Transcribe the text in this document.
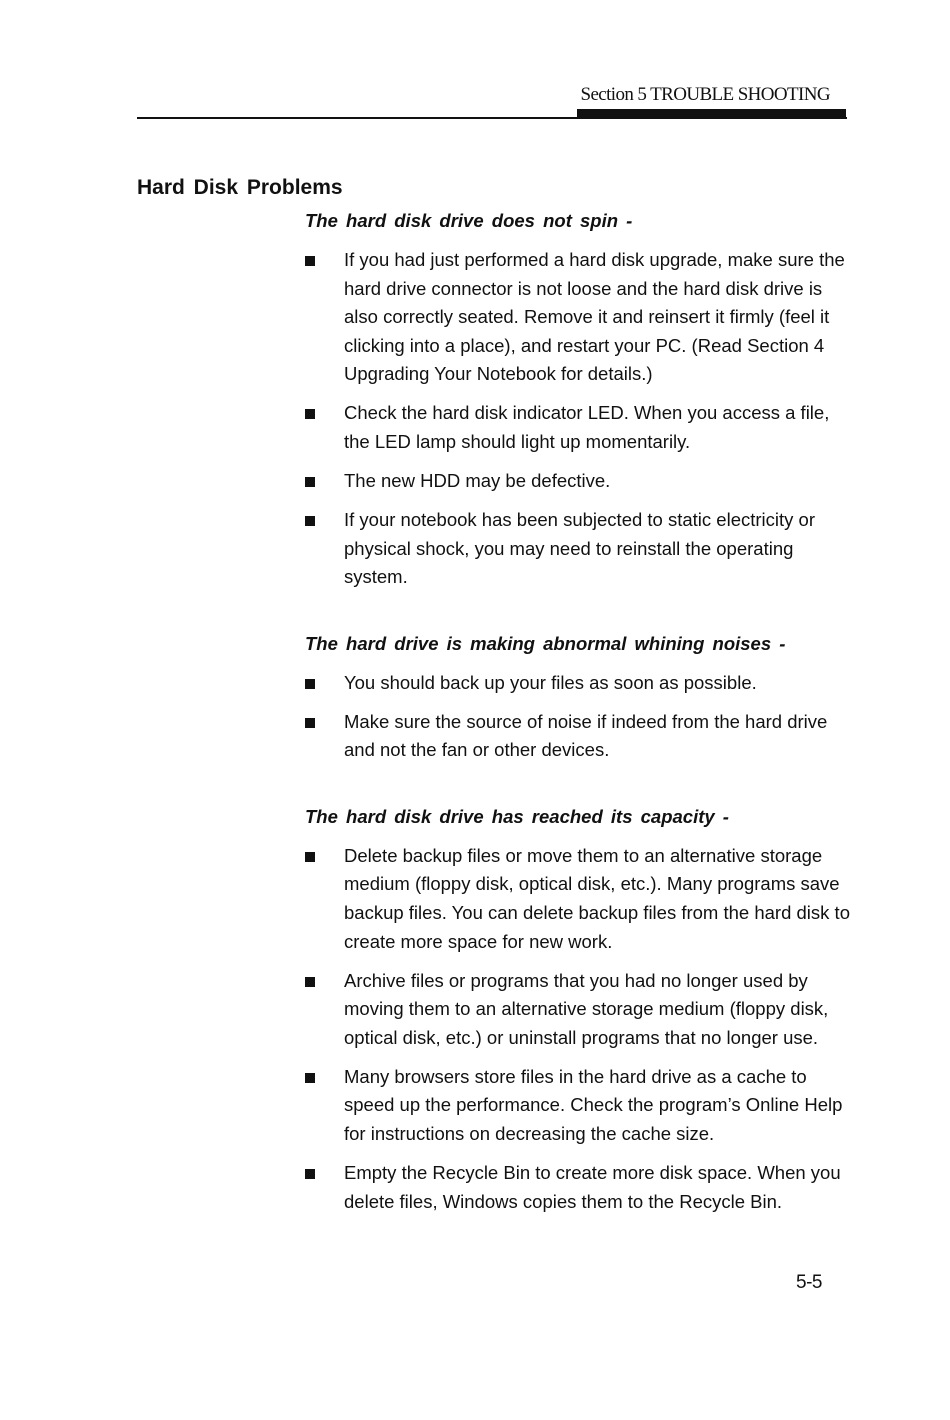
Section 5 TROUBLE SHOOTING
Hard Disk Problems
The hard disk drive does not spin -
If you had just performed a hard disk upgrade, make sure the hard drive connector is not loose and the hard disk drive is also correctly seated. Remove it and reinsert it firmly (feel it clicking into a place), and restart your PC. (Read Section 4 Upgrading Your Notebook for details.)
Check the hard disk indicator LED. When you access a file, the LED lamp should light up momentarily.
The new HDD may be defective.
If your notebook has been subjected to static electricity or physical shock, you may need to reinstall the operating system.
The hard drive is making abnormal whining noises -
You should back up your files as soon as possible.
Make sure the source of noise if indeed from the hard drive and not the fan or other devices.
The hard disk drive has reached its capacity -
Delete backup files or move them to an alternative storage medium (floppy disk, optical disk, etc.). Many programs save backup files. You can delete backup files from the hard disk to create more space for new work.
Archive files or programs that you had no longer used by moving them to an alternative storage medium (floppy disk, optical disk, etc.) or uninstall programs that no longer use.
Many browsers store files in the hard drive as a cache to speed up the performance. Check the program’s Online Help for instructions on decreasing the cache size.
Empty the Recycle Bin to create more disk space. When you delete files, Windows copies them to the Recycle Bin.
5-5
